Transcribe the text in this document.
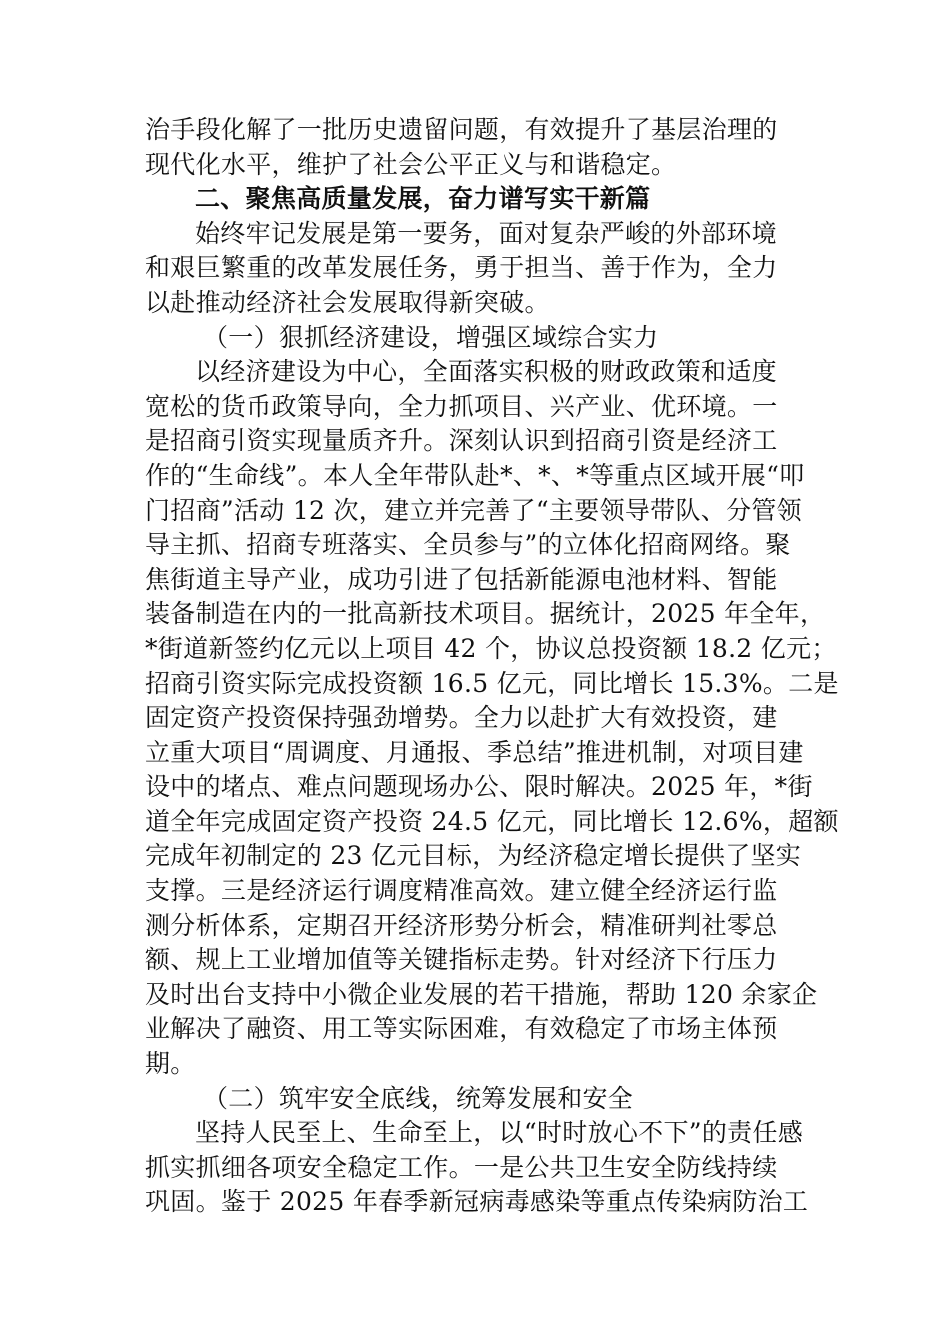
治手段化解了一批历史遗留问题，有效提升了基层治理的
现代化水平，维护了社会公平正义与和谐稳定。
二、聚焦高质量发展，奋力谱写实干新篇
始终牢记发展是第一要务，面对复杂严峻的外部环境
和艰巨繁重的改革发展任务，勇于担当、善于作为，全力
以赴推动经济社会发展取得新突破。
（一）狠抓经济建设，增强区域综合实力
以经济建设为中心，全面落实积极的财政政策和适度
宽松的货币政策导向，全力抓项目、兴产业、优环境。一
是招商引资实现量质齐升。深刻认识到招商引资是经济工
作的“生命线”。本人全年带队赴*、*、*等重点区域开展“叩
门招商”活动 12 次，建立并完善了“主要领导带队、分管领
导主抓、招商专班落实、全员参与”的立体化招商网络。聚
焦街道主导产业，成功引进了包括新能源电池材料、智能
装备制造在内的一批高新技术项目。据统计，2025 年全年，
*街道新签约亿元以上项目 42 个，协议总投资额 18.2 亿元；
招商引资实际完成投资额 16.5 亿元，同比增长 15.3%。二是
固定资产投资保持强劲增势。全力以赴扩大有效投资，建
立重大项目“周调度、月通报、季总结”推进机制，对项目建
设中的堵点、难点问题现场办公、限时解决。2025 年，*街
道全年完成固定资产投资 24.5 亿元，同比增长 12.6%，超额
完成年初制定的 23 亿元目标，为经济稳定增长提供了坚实
支撑。三是经济运行调度精准高效。建立健全经济运行监
测分析体系，定期召开经济形势分析会，精准研判社零总
额、规上工业增加值等关键指标走势。针对经济下行压力
及时出台支持中小微企业发展的若干措施，帮助 120 余家企
业解决了融资、用工等实际困难，有效稳定了市场主体预
期。
（二）筑牢安全底线，统筹发展和安全
坚持人民至上、生命至上，以“时时放心不下”的责任感
抓实抓细各项安全稳定工作。一是公共卫生安全防线持续
巩固。鉴于 2025 年春季新冠病毒感染等重点传染病防治工
